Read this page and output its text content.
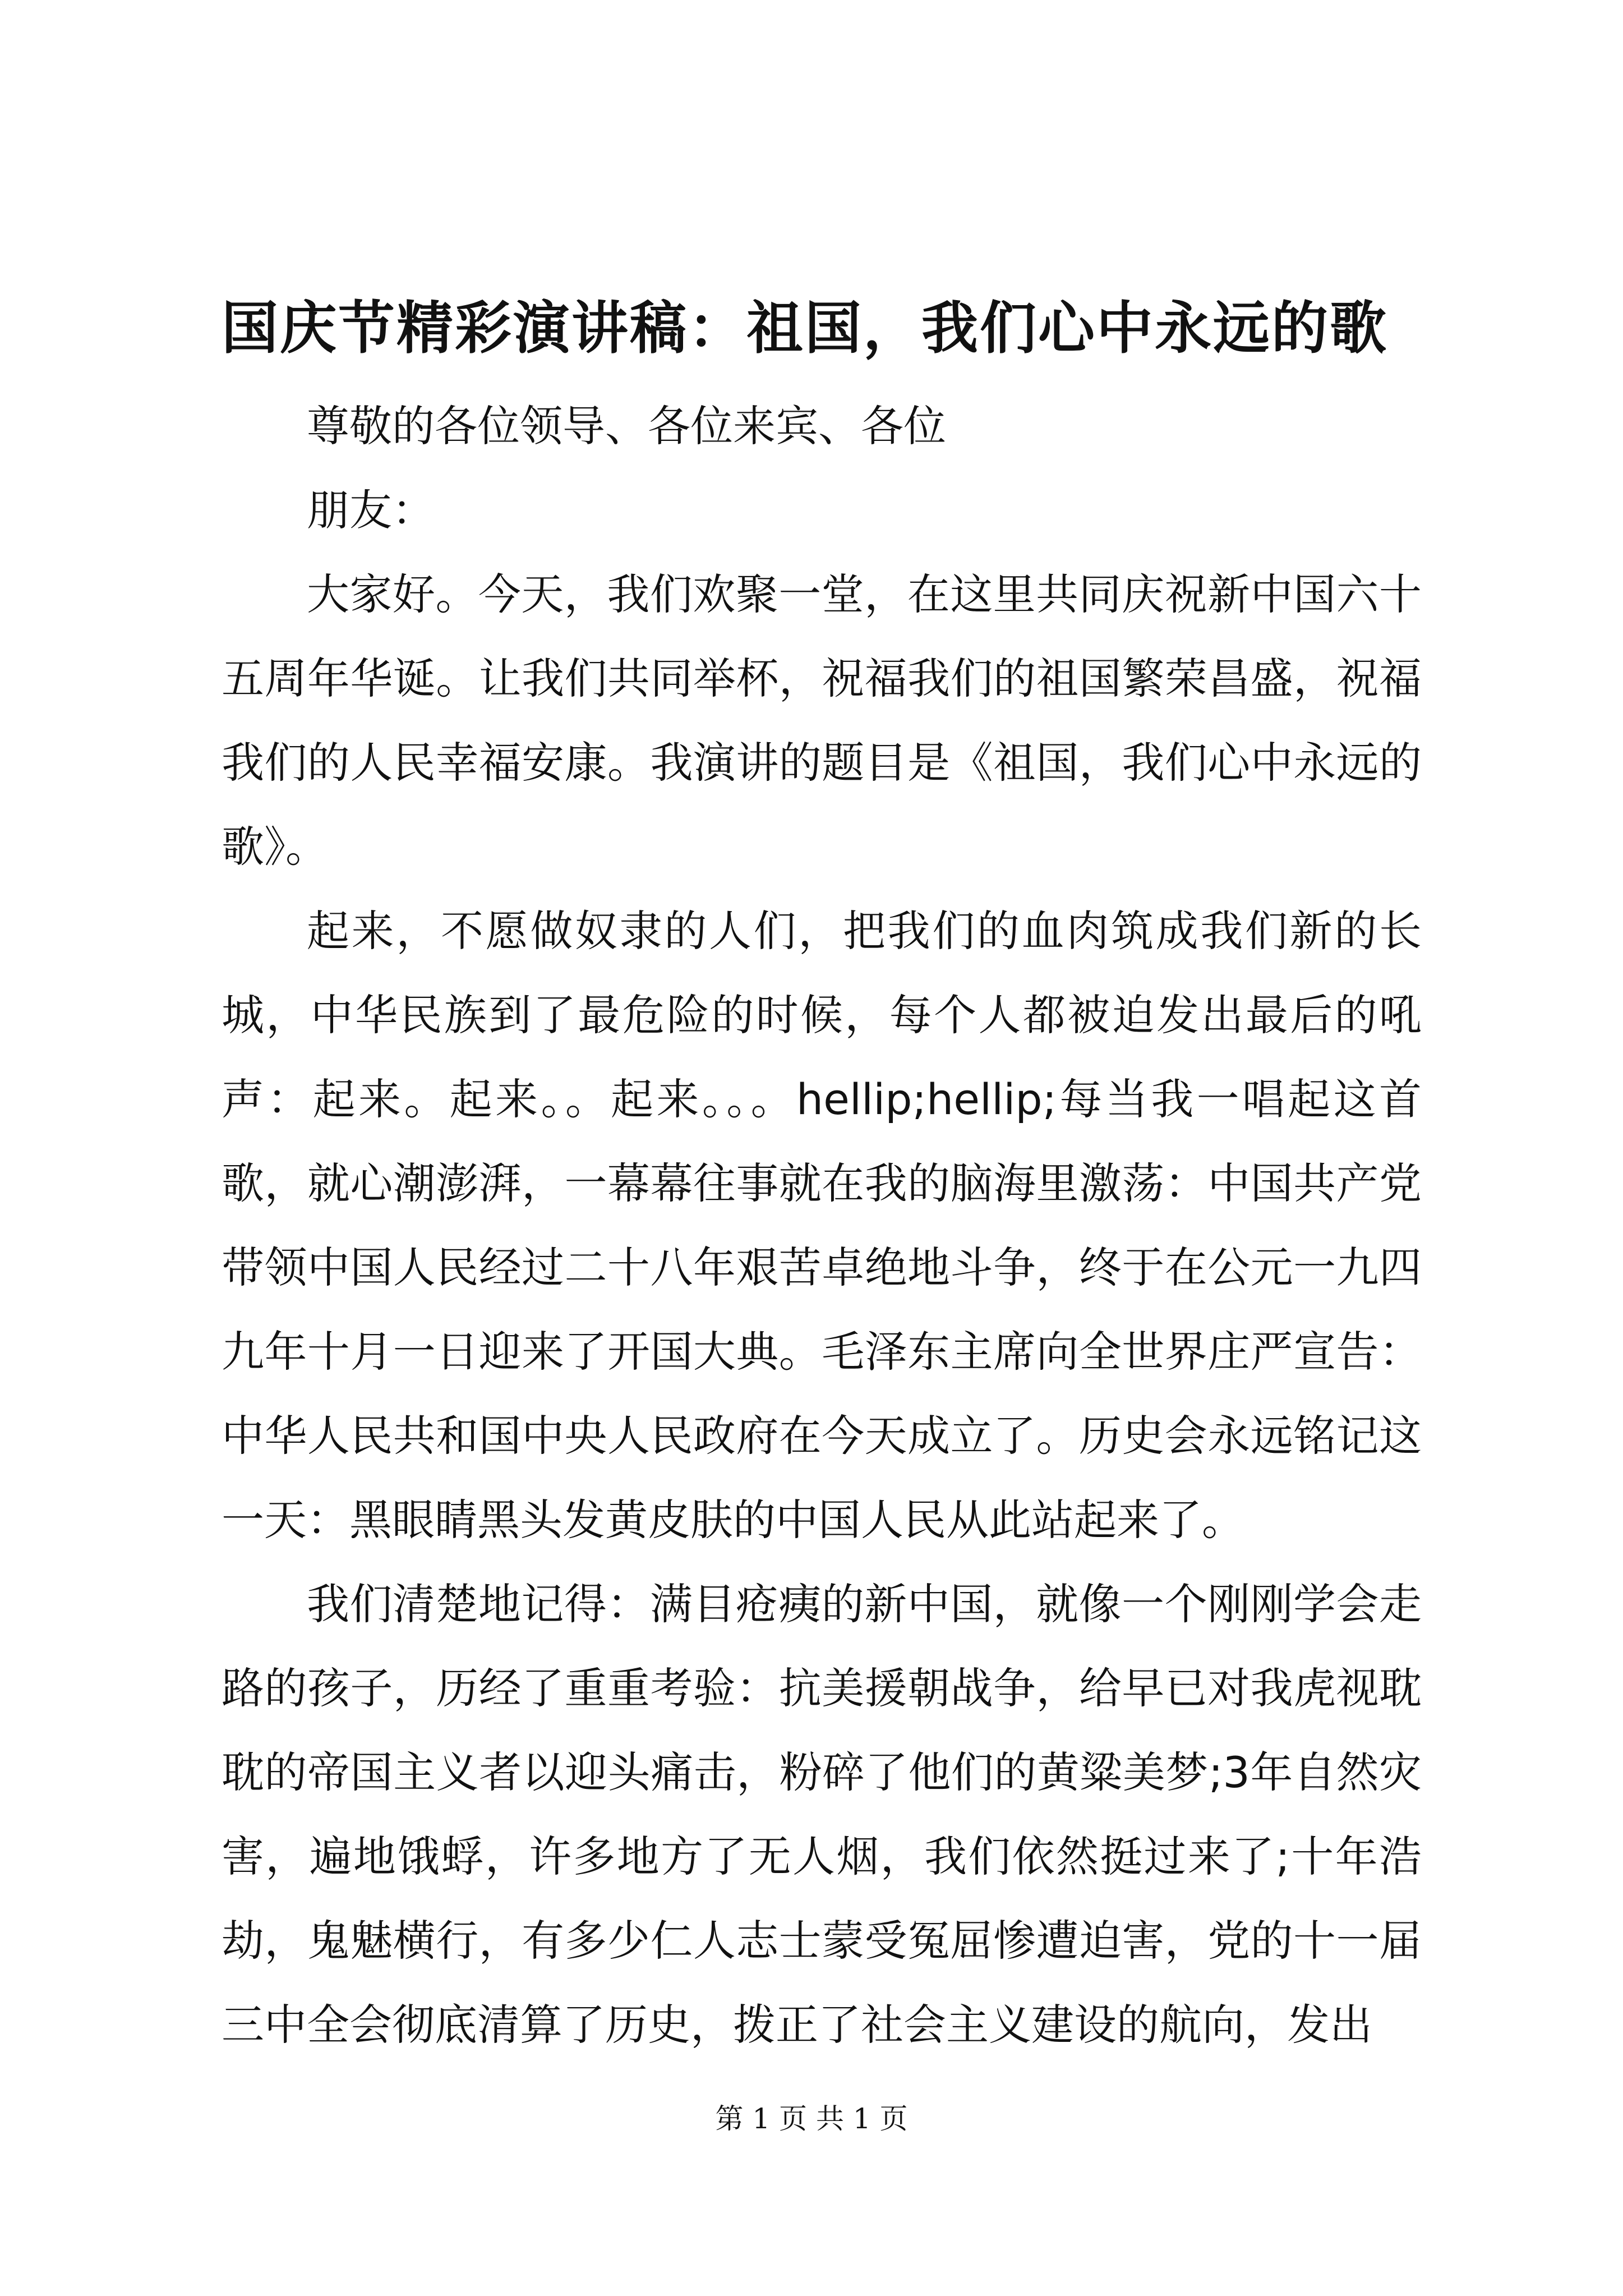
国庆节精彩演讲稿：祖国，我们心中永远的歌

尊敬的各位领导、各位来宾、各位

朋友：

大家好。今天，我们欢聚一堂，在这里共同庆祝新中国六十五周年华诞。让我们共同举杯，祝福我们的祖国繁荣昌盛，祝福我们的人民幸福安康。我演讲的题目是《祖国，我们心中永远的歌》。

起来，不愿做奴隶的人们，把我们的血肉筑成我们新的长城，中华民族到了最危险的时候，每个人都被迫发出最后的吼声：起来。起来。。起来。。。hellip;hellip;每当我一唱起这首歌，就心潮澎湃，一幕幕往事就在我的脑海里激荡：中国共产党带领中国人民经过二十八年艰苦卓绝地斗争，终于在公元一九四九年十月一日迎来了开国大典。毛泽东主席向全世界庄严宣告：中华人民共和国中央人民政府在今天成立了。历史会永远铭记这一天：黑眼睛黑头发黄皮肤的中国人民从此站起来了。

我们清楚地记得：满目疮痍的新中国，就像一个刚刚学会走路的孩子，历经了重重考验：抗美援朝战争，给早已对我虎视耽耽的帝国主义者以迎头痛击，粉碎了他们的黄粱美梦;3年自然灾害，遍地饿蜉，许多地方了无人烟，我们依然挺过来了;十年浩劫，鬼魅横行，有多少仁人志士蒙受冤屈惨遭迫害，党的十一届三中全会彻底清算了历史，拨正了社会主义建设的航向，发出

第 1 页 共 1 页
